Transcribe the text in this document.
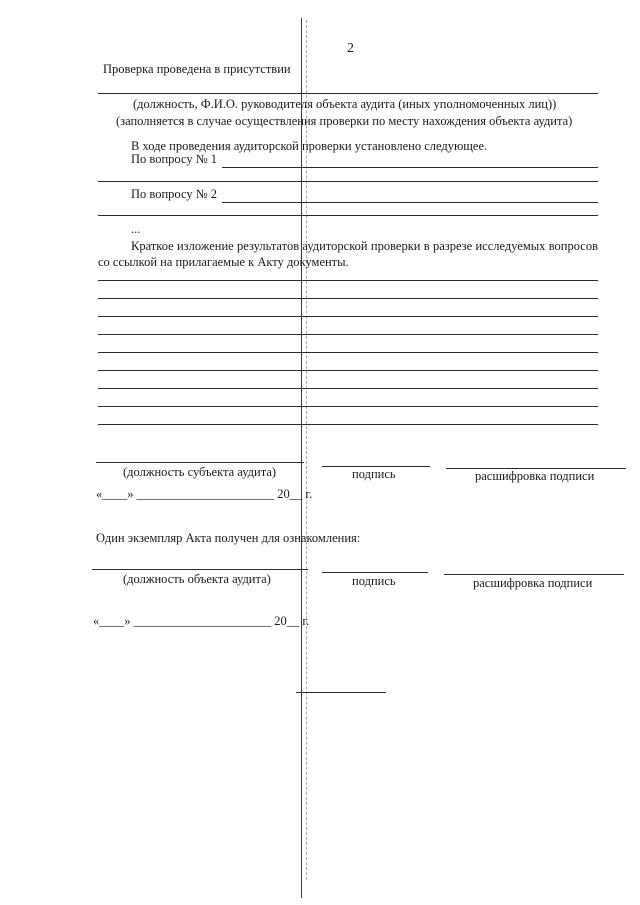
2
Проверка проведена в присутствии
(должность, Ф.И.О. руководителя объекта аудита (иных уполномоченных лиц))
(заполняется в случае осуществления проверки по месту нахождения объекта аудита)
В ходе проведения аудиторской проверки установлено следующее.
По вопросу № 1
По вопросу № 2
...
Краткое изложение результатов аудиторской проверки в разрезе исследуемых вопросов со ссылкой на прилагаемые к Акту документы.
(должность субъекта аудита)	подпись	расшифровка подписи
«____» ______________________ 20__ г.
Один экземпляр Акта получен для ознакомления:
(должность объекта аудита)	подпись	расшифровка подписи
«____» ______________________ 20__ г.
